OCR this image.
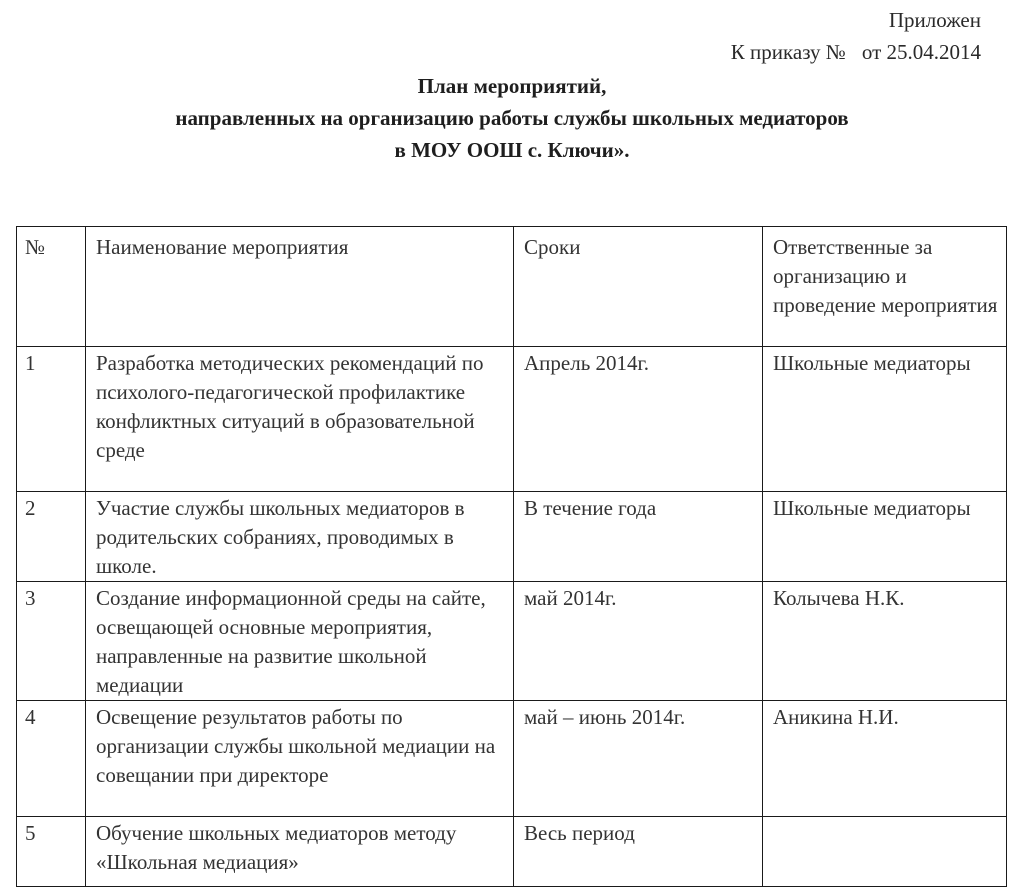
Приложен
К приказу № от 25.04.2014
План мероприятий,
направленных на организацию работы службы школьных медиаторов
в МОУ ООШ с. Ключи».
№	Наименование мероприятия	Сроки	Ответственные за организацию и проведение мероприятия
1	Разработка методических рекомендаций по психолого-педагогической профилактике конфликтных ситуаций в образовательной среде	Апрель 2014г.	Школьные медиаторы
2	Участие службы школьных медиаторов в родительских собраниях, проводимых в школе.	В течение года	Школьные медиаторы
3	Создание информационной среды на сайте, освещающей основные мероприятия, направленные на развитие школьной медиации	май 2014г.	Колычева Н.К.
4	Освещение результатов работы по организации службы школьной медиации на совещании при директоре	май – июнь 2014г.	Аникина Н.И.
5	Обучение школьных медиаторов методу «Школьная медиация»	Весь период	
